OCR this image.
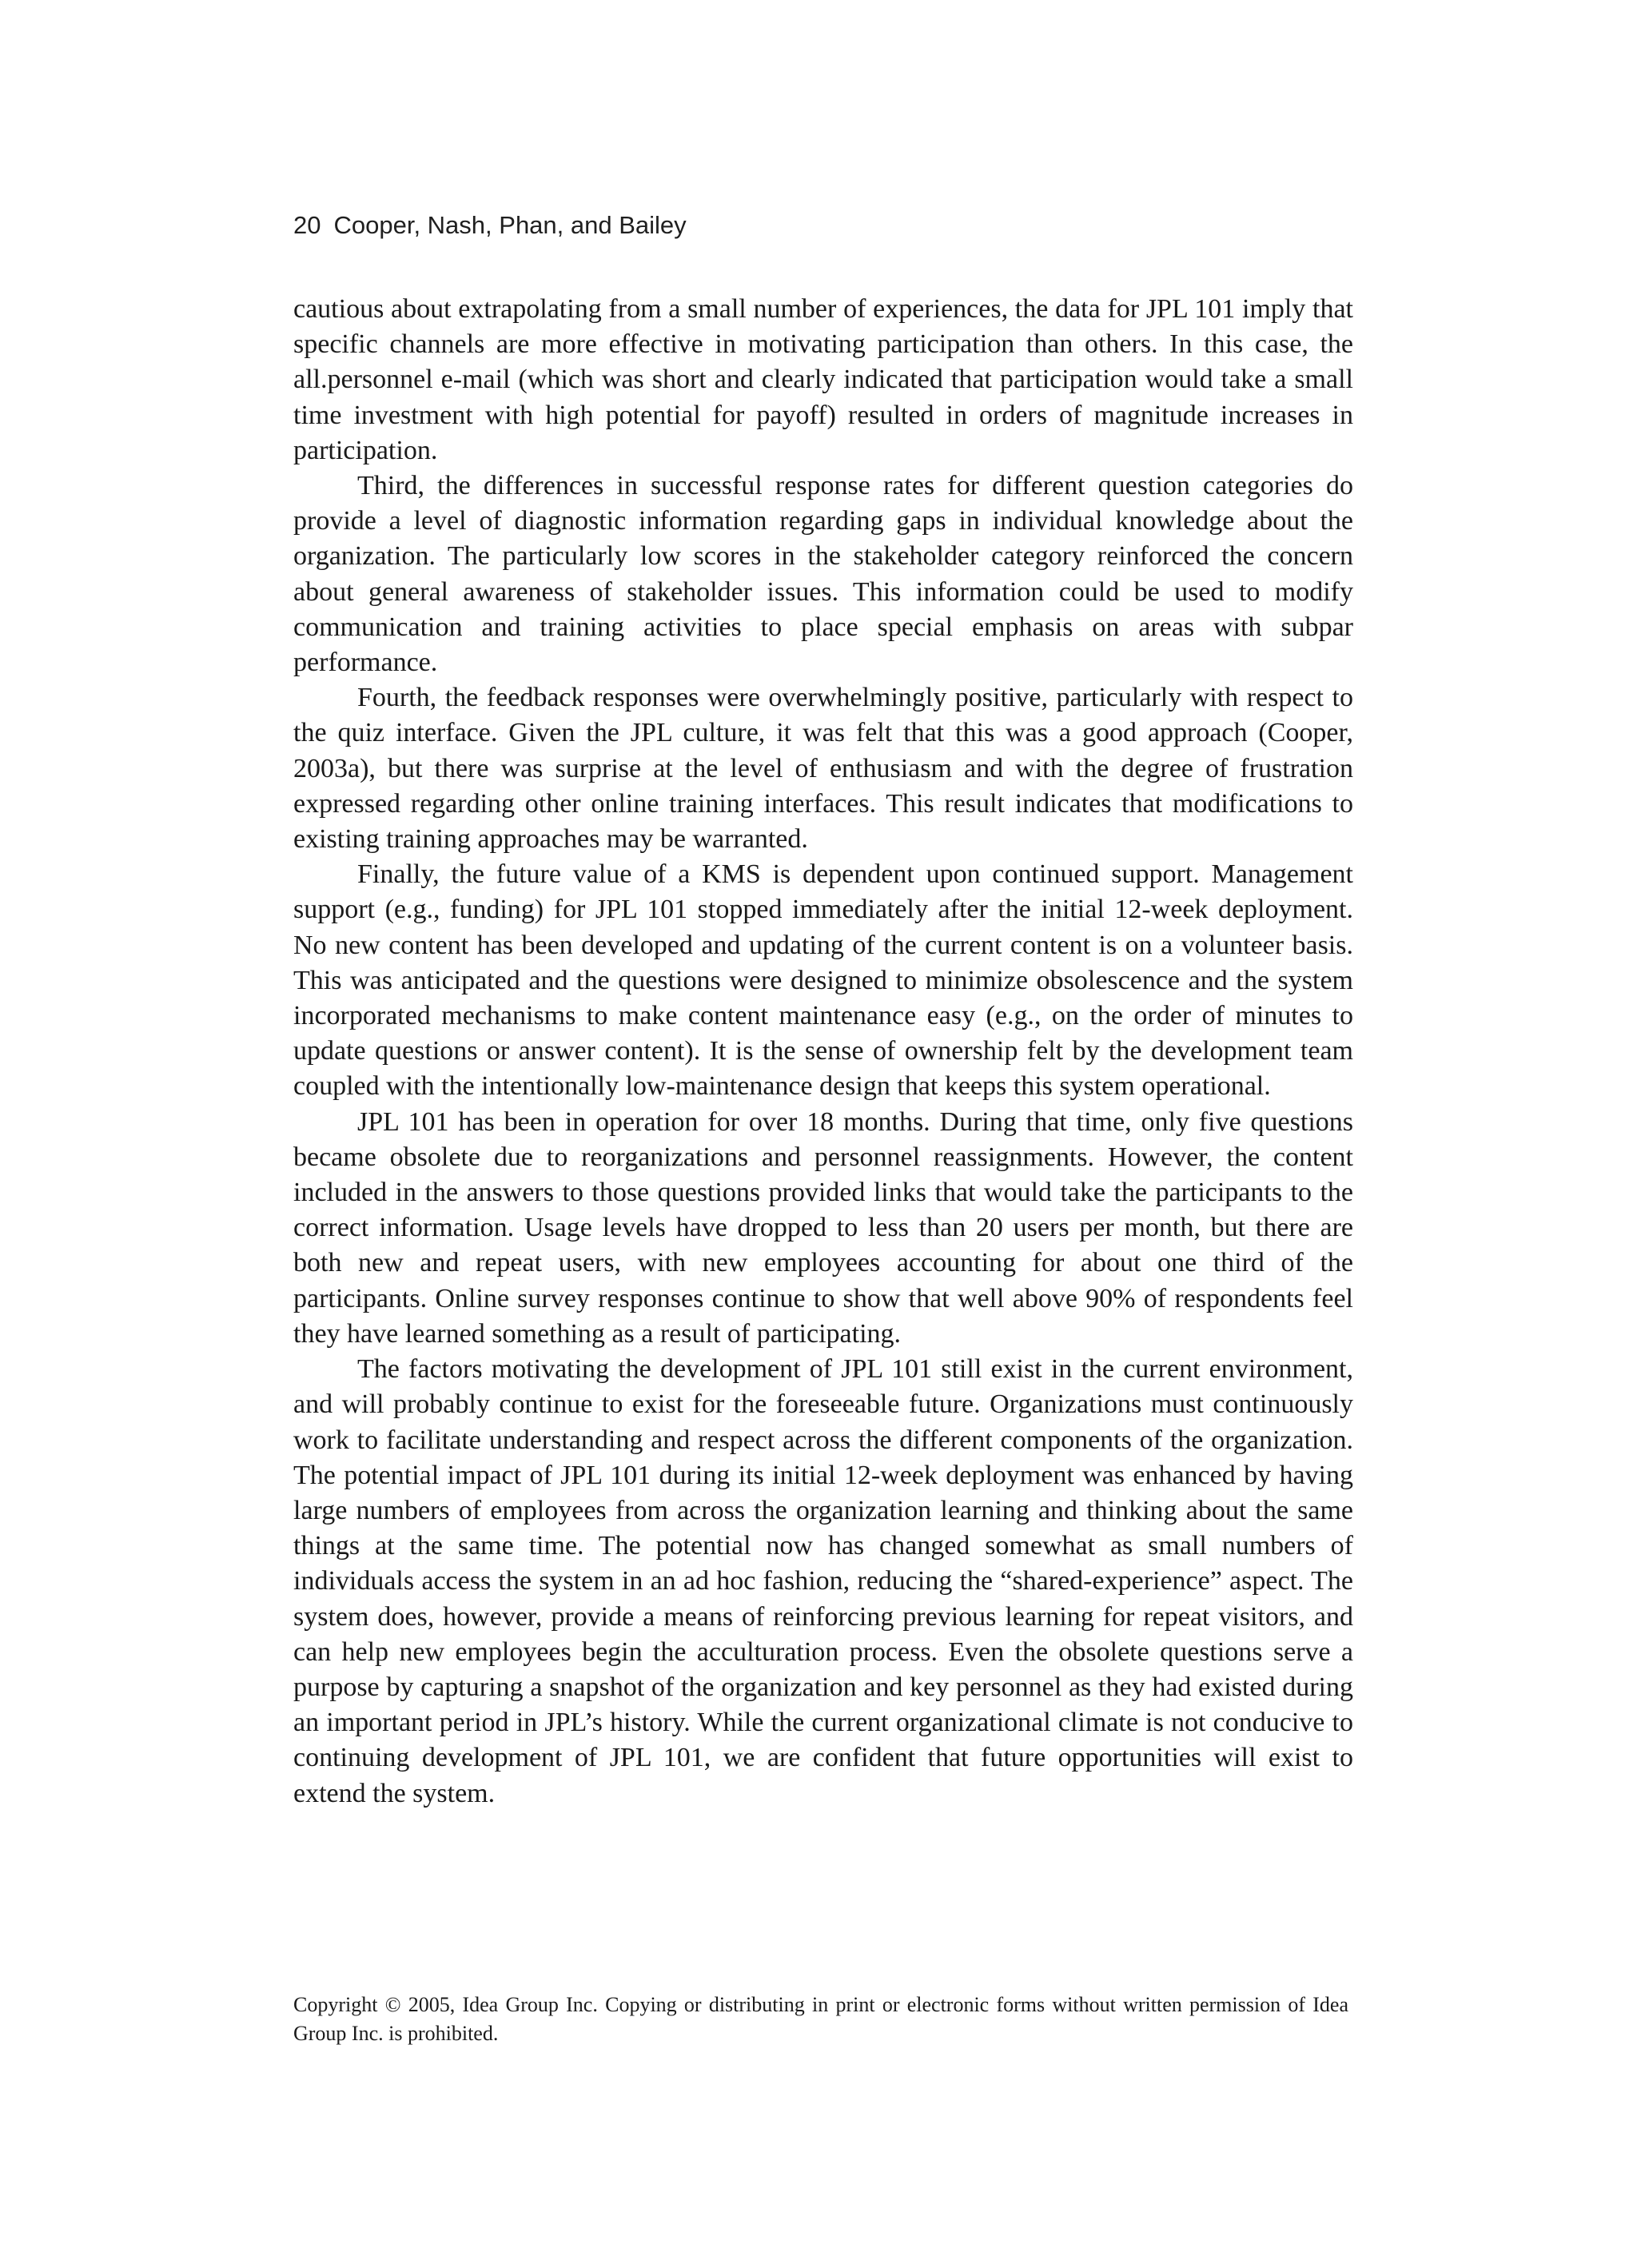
20 Cooper, Nash, Phan, and Bailey

cautious about extrapolating from a small number of experiences, the data for JPL 101 imply that specific channels are more effective in motivating participation than others. In this case, the all.personnel e-mail (which was short and clearly indicated that participation would take a small time investment with high potential for payoff) resulted in orders of magnitude increases in participation.

Third, the differences in successful response rates for different question categories do provide a level of diagnostic information regarding gaps in individual knowledge about the organization. The particularly low scores in the stakeholder category reinforced the concern about general awareness of stakeholder issues. This information could be used to modify communication and training activities to place special emphasis on areas with subpar performance.

Fourth, the feedback responses were overwhelmingly positive, particularly with respect to the quiz interface. Given the JPL culture, it was felt that this was a good approach (Cooper, 2003a), but there was surprise at the level of enthusiasm and with the degree of frustration expressed regarding other online training interfaces. This result indicates that modifications to existing training approaches may be warranted.

Finally, the future value of a KMS is dependent upon continued support. Management support (e.g., funding) for JPL 101 stopped immediately after the initial 12-week deployment. No new content has been developed and updating of the current content is on a volunteer basis. This was anticipated and the questions were designed to minimize obsolescence and the system incorporated mechanisms to make content maintenance easy (e.g., on the order of minutes to update questions or answer content). It is the sense of ownership felt by the development team coupled with the intentionally low-maintenance design that keeps this system operational.

JPL 101 has been in operation for over 18 months. During that time, only five questions became obsolete due to reorganizations and personnel reassignments. However, the content included in the answers to those questions provided links that would take the participants to the correct information. Usage levels have dropped to less than 20 users per month, but there are both new and repeat users, with new employees accounting for about one third of the participants. Online survey responses continue to show that well above 90% of respondents feel they have learned something as a result of participating.

The factors motivating the development of JPL 101 still exist in the current environment, and will probably continue to exist for the foreseeable future. Organizations must continuously work to facilitate understanding and respect across the different components of the organization. The potential impact of JPL 101 during its initial 12-week deployment was enhanced by having large numbers of employees from across the organization learning and thinking about the same things at the same time. The potential now has changed somewhat as small numbers of individuals access the system in an ad hoc fashion, reducing the “shared-experience” aspect. The system does, however, provide a means of reinforcing previous learning for repeat visitors, and can help new employees begin the acculturation process. Even the obsolete questions serve a purpose by capturing a snapshot of the organization and key personnel as they had existed during an important period in JPL’s history. While the current organizational climate is not conducive to continuing development of JPL 101, we are confident that future opportunities will exist to extend the system.

Copyright © 2005, Idea Group Inc. Copying or distributing in print or electronic forms without written permission of Idea Group Inc. is prohibited.
